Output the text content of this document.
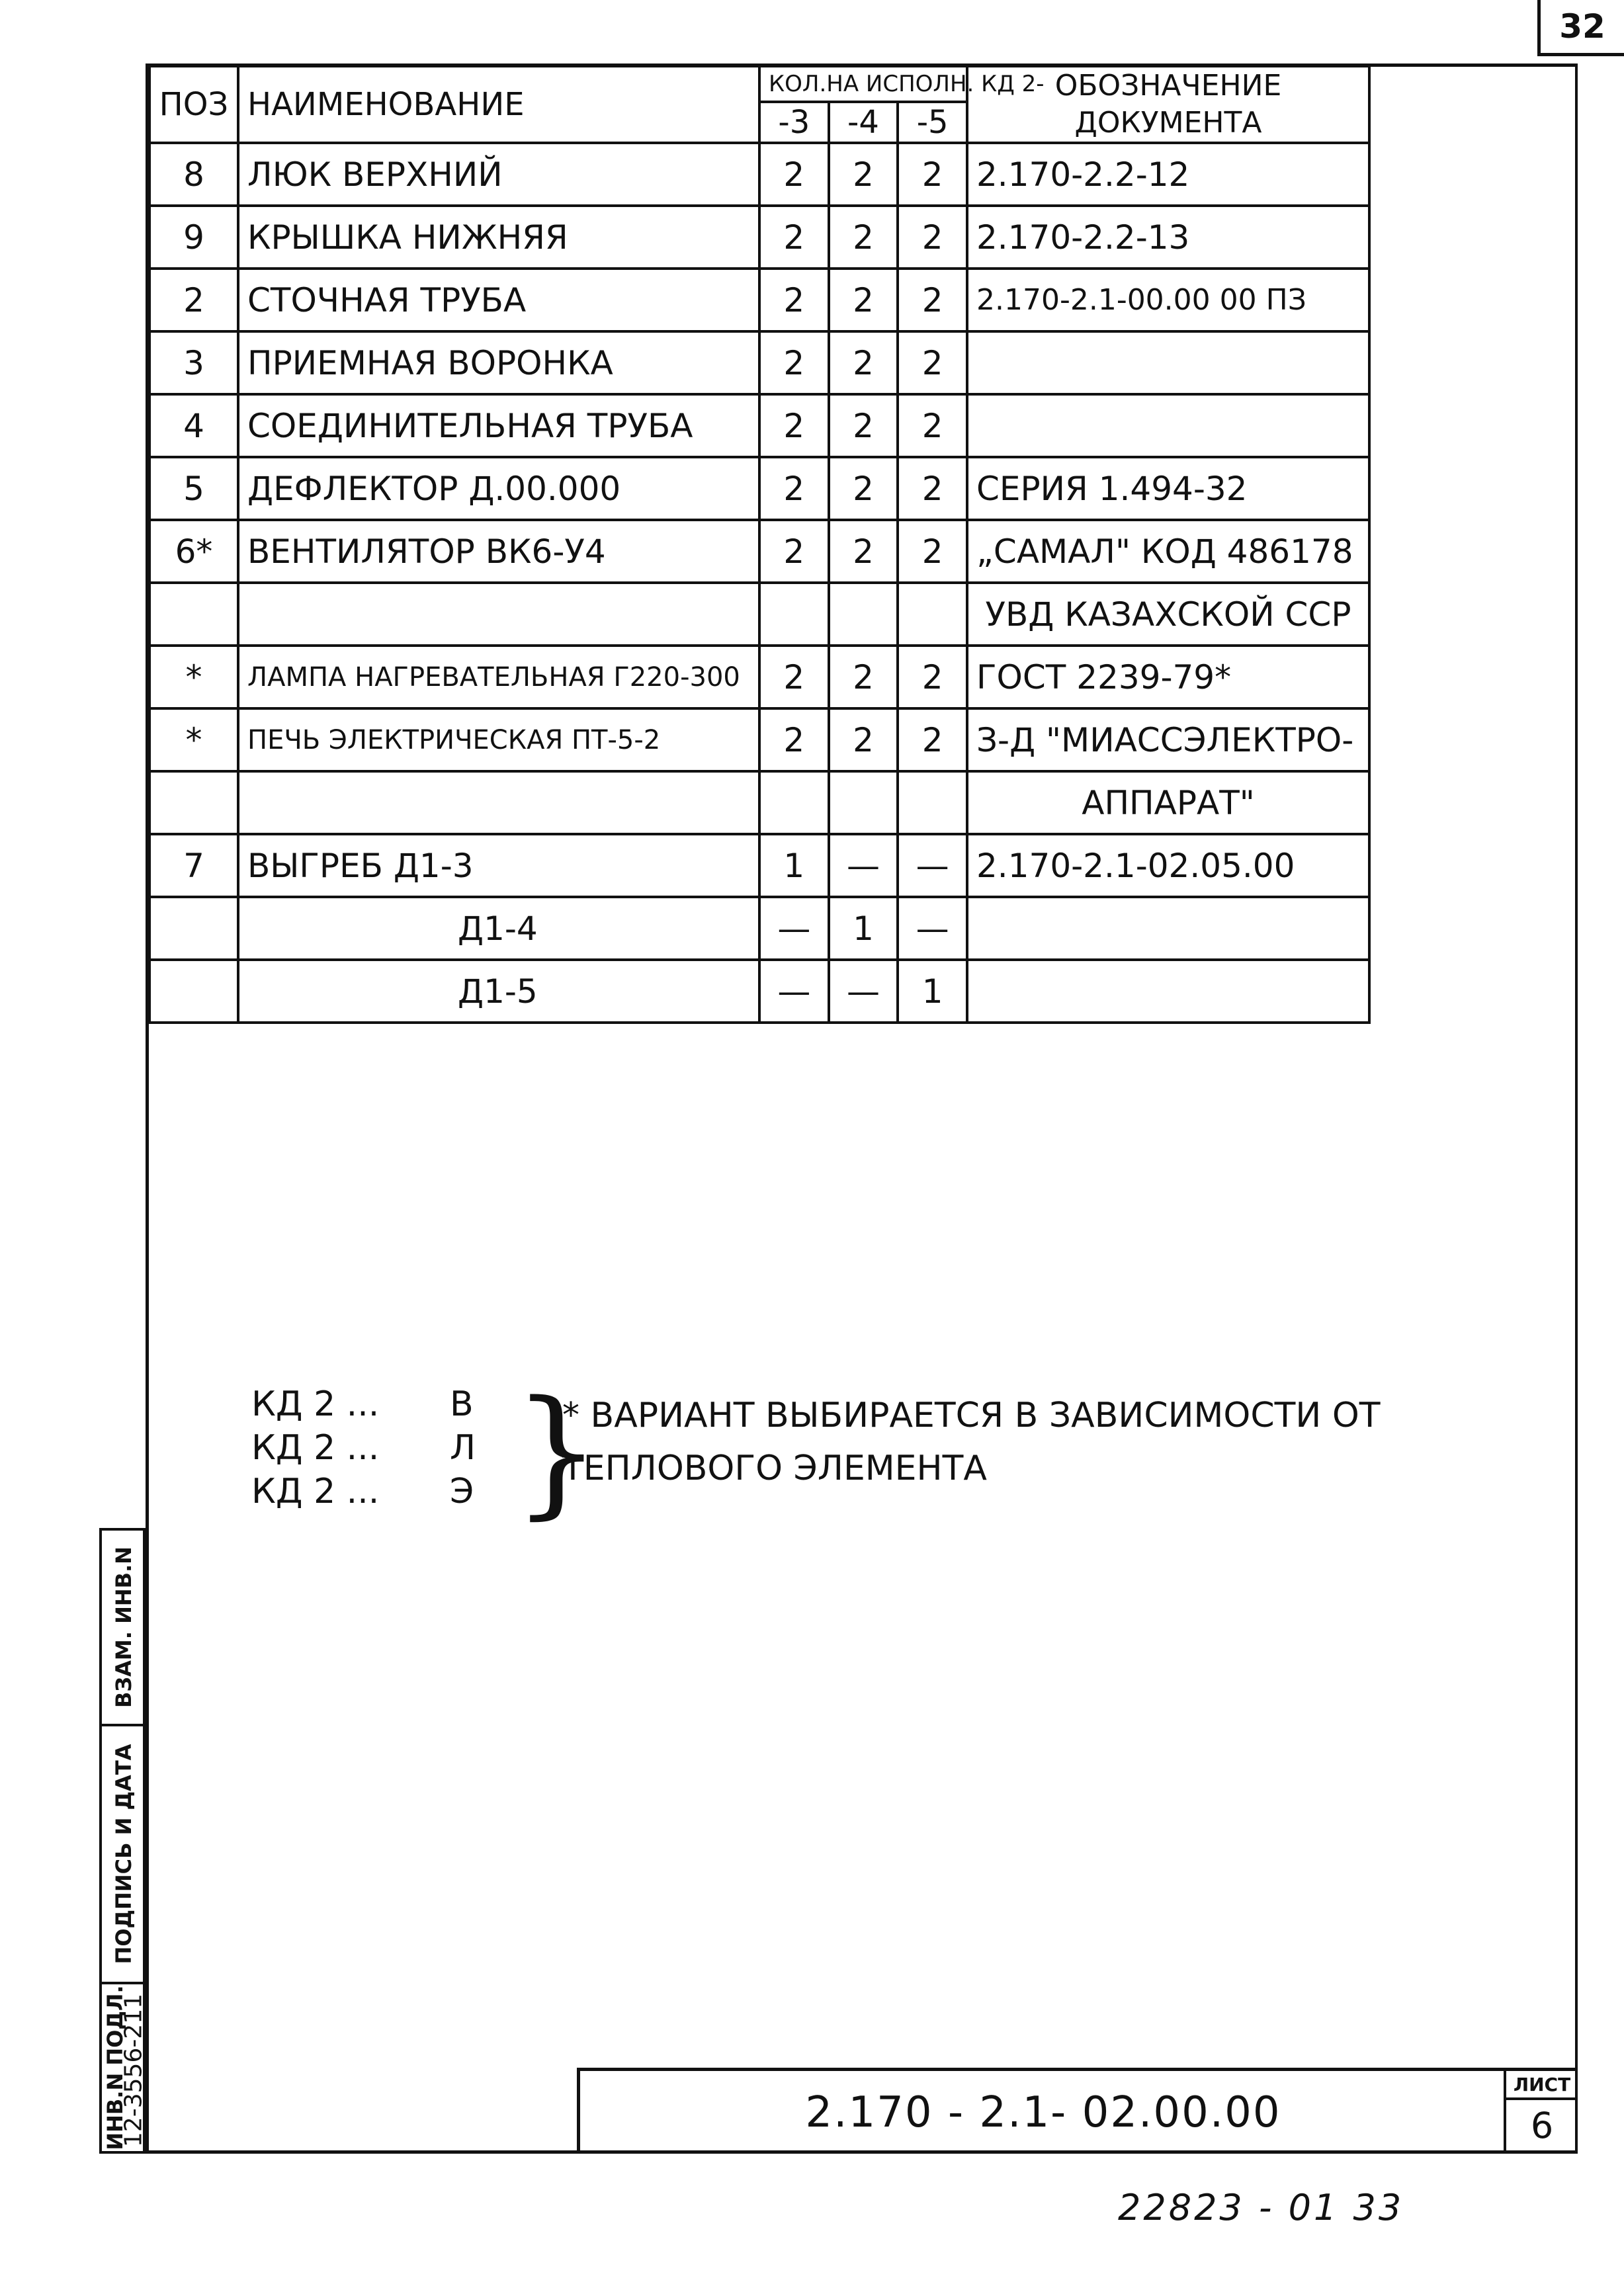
32
ПОЗ	НАИМЕНОВАНИЕ	КОЛ.НА ИСПОЛН. КД 2-			ОБОЗНАЧЕНИЕ ДОКУМЕНТА
		-3	-4	-5	
8	ЛЮК ВЕРХНИЙ	2	2	2	2.170-2.2-12
9	КРЫШКА НИЖНЯЯ	2	2	2	2.170-2.2-13
2	СТОЧНАЯ ТРУБА	2	2	2	2.170-2.1-00.00 00 ПЗ
3	ПРИЕМНАЯ ВОРОНКА	2	2	2	
4	СОЕДИНИТЕЛЬНАЯ ТРУБА	2	2	2	
5	ДЕФЛЕКТОР Д.00.000	2	2	2	СЕРИЯ 1.494-32
6*	ВЕНТИЛЯТОР ВК6-У4	2	2	2	„САМАЛ" КОД 486178
					УВД КАЗАХСКОЙ ССР
*	ЛАМПА НАГРЕВАТЕЛЬНАЯ Г220-300	2	2	2	ГОСТ 2239-79*
*	ПЕЧЬ ЭЛЕКТРИЧЕСКАЯ ПТ-5-2	2	2	2	З-Д "МИАССЭЛЕКТРО-
					АППАРАТ"
7	ВЫГРЕБ Д1-3	1	—	—	2.170-2.1-02.05.00
	Д1-4	—	1	—	
	Д1-5	—	—	1	
КД 2 ...	В
КД 2 ...	Л
КД 2 ...	Э }
* ВАРИАНТ ВЫБИРАЕТСЯ В ЗАВИСИМОСТИ ОТ ТЕПЛОВОГО ЭЛЕМЕНТА
ВЗАМ. ИНВ.N
ПОДПИСЬ И ДАТА
ИНВ.N ПОДЛ.
12-3556-211	2.170 - 2.1- 02.00.00
ЛИСТ
6
22823 - 01 33
